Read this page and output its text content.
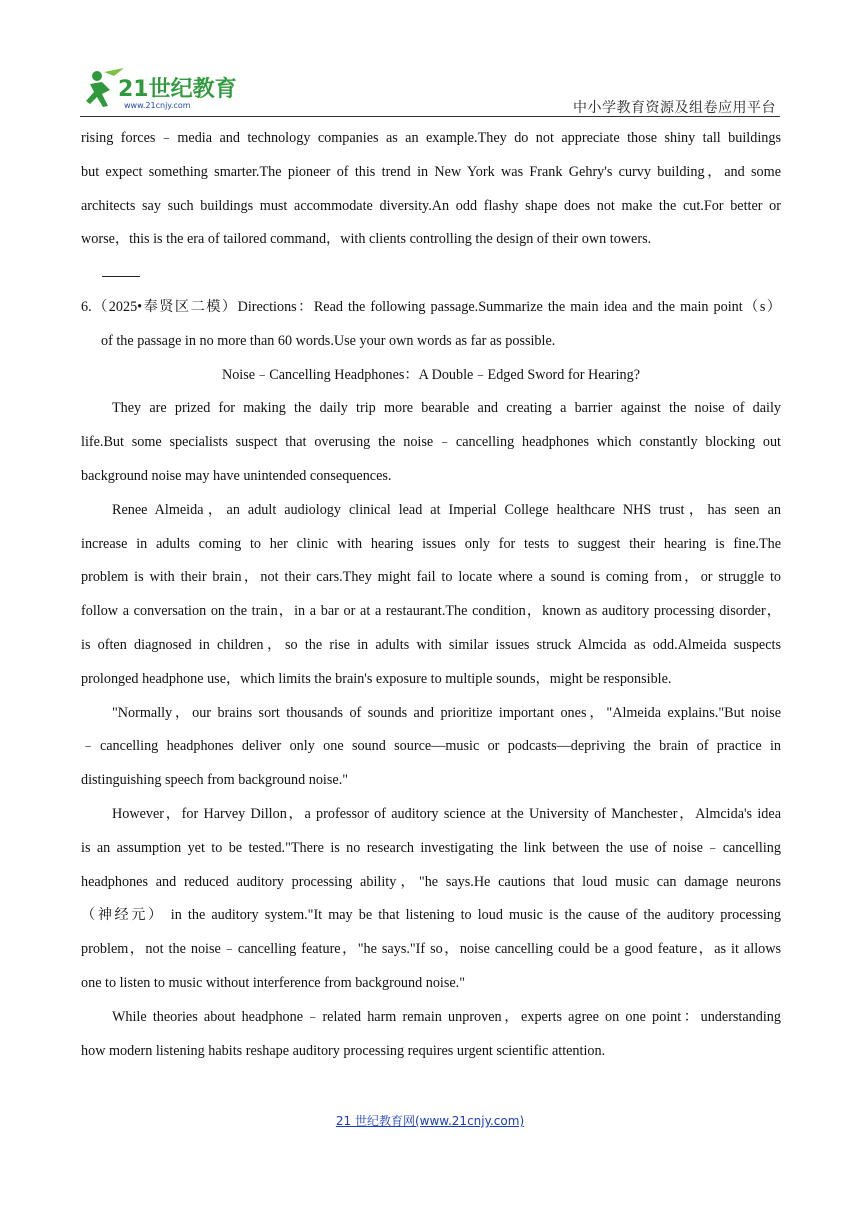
21世纪教育
www.21cnjy.com	中小学教育资源及组卷应用平台
rising forces﹣media and technology companies as an example.They do not appreciate those shiny tall buildings
but expect something smarter.The pioneer of this trend in New York was Frank Gehry's curvy building，and some
architects say such buildings must accommodate diversity.An odd flashy shape does not make the cut.For better or
worse，this is the era of tailored command，with clients controlling the design of their own towers.
6.（2025•奉贤区二模）Directions：Read the following passage.Summarize the main idea and the main point（s）
of the passage in no more than 60 words.Use your own words as far as possible.
Noise﹣Cancelling Headphones：A Double﹣Edged Sword for Hearing?
They are prized for making the daily trip more bearable and creating a barrier against the noise of daily
life.But some specialists suspect that overusing the noise﹣cancelling headphones which constantly blocking out
background noise may have unintended consequences.
Renee Almeida，an adult audiology clinical lead at Imperial College healthcare NHS trust，has seen an
increase in adults coming to her clinic with hearing issues only for tests to suggest their hearing is fine.The
problem is with their brain，not their cars.They might fail to locate where a sound is coming from，or struggle to
follow a conversation on the train，in a bar or at a restaurant.The condition，known as auditory processing disorder，
is often diagnosed in children，so the rise in adults with similar issues struck Almcida as odd.Almeida suspects
prolonged headphone use，which limits the brain's exposure to multiple sounds，might be responsible.
"Normally，our brains sort thousands of sounds and prioritize important ones，"Almeida explains."But noise
﹣cancelling headphones deliver only one sound source—music or podcasts—depriving the brain of practice in
distinguishing speech from background noise."
However，for Harvey Dillon，a professor of auditory science at the University of Manchester，Almcida's idea
is an assumption yet to be tested."There is no research investigating the link between the use of noise﹣cancelling
headphones and reduced auditory processing ability，"he says.He cautions that loud music can damage neurons
（神经元） in the auditory system."It may be that listening to loud music is the cause of the auditory processing
problem，not the noise﹣cancelling feature，"he says."If so，noise cancelling could be a good feature，as it allows
one to listen to music without interference from background noise."
While theories about headphone﹣related harm remain unproven，experts agree on one point：understanding
how modern listening habits reshape auditory processing requires urgent scientific attention.
21 世纪教育网(www.21cnjy.com)
